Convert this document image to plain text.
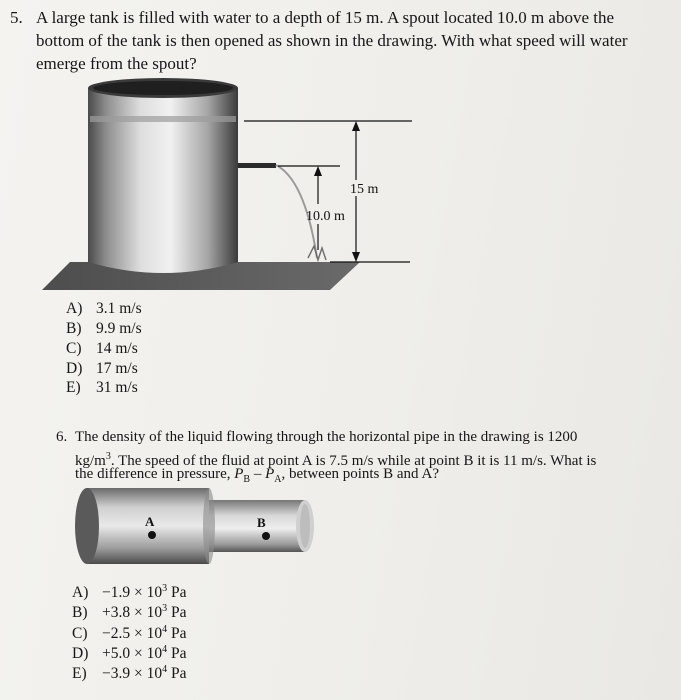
5. A large tank is filled with water to a depth of 15 m. A spout located 10.0 m above the
bottom of the tank is then opened as shown in the drawing. With what speed will water
emerge from the spout?
15 m
10.0 m
A) 3.1 m/s
B) 9.9 m/s
C) 14 m/s
D) 17 m/s
E) 31 m/s
6. The density of the liquid flowing through the horizontal pipe in the drawing is 1200
$kg/m^3$. The speed of the fluid at point A is 7.5 m/s while at point B it is 11 m/s. What is
the difference in pressure, $P_B - P_A$, between points B and A?
A	B
$A) -1.9 \times 10^3$ Pa
$B) +3.8 \times 10^3$ Pa
$C) -2.5 \times 10^4$ Pa
$D) +5.0 \times 10^4$ Pa
$E) -3.9 \times 10^4$ Pa
